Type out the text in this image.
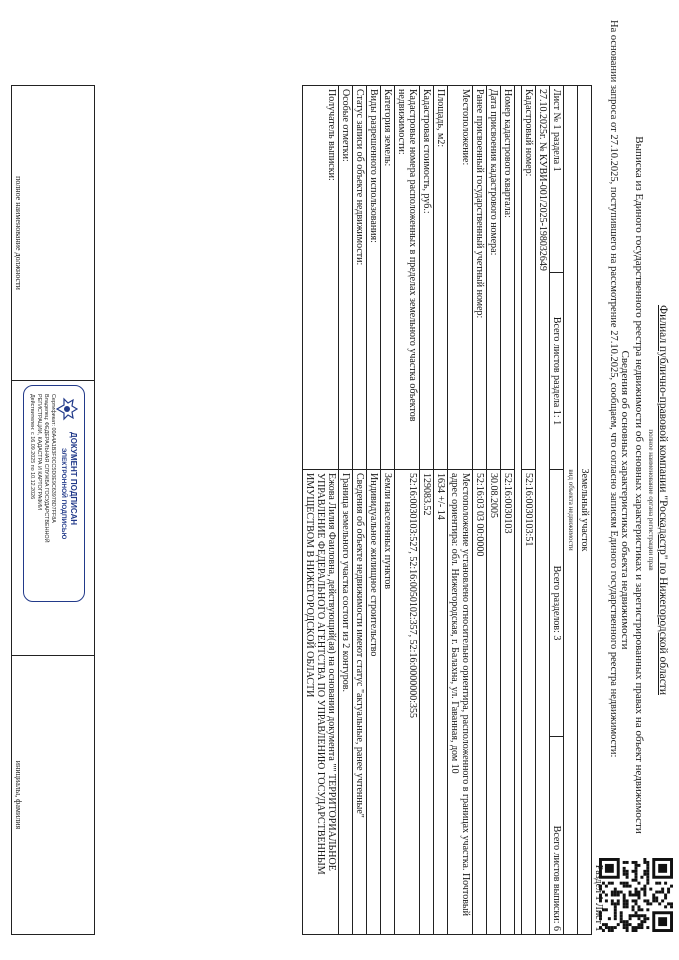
Филиал публично-правовой компании "Роскадастр" по Нижегородской области
полное наименование органа регистрации прав
Выписка из Единого государственного реестра недвижимости об основных характеристиках и зарегистрированных правах на объект недвижимости
Сведения об основных характеристиках объекта недвижимости
На основании запроса от 27.10.2025, поступившего на рассмотрение 27.10.2025, сообщаем, что согласно записям Единого государственного реестра недвижимости:
Раздел 1 Лист 1			

Земельный участок			

вид объекта недвижимости			
Лист № 1 раздела 1	Всего листов раздела 1: 1	Всего разделов: 3	Всего листов выписки: 6
27.10.2025г. № КУВИ-001/2025-198032649			
Кадастровый номер:		52:16:0030103:51	

Номер кадастрового квартала:		52:16:0030103	
Дата присвоения кадастрового номера:		30.08.2005	
Ранее присвоенный государственный учетный номер:		52:16:03 03 00:0000	
Местоположение:		Местоположение установлено относительно ориентира, расположенного в границах участка. Почтовый адрес ориентира: обл. Нижегородская, г. Балахна, ул. Гаванная, дом 10	
Площадь, м2:		1634 +/- 14	
Кадастровая стоимость, руб.:		129083.52	
Кадастровые номера расположенных в пределах земельного участка объектов недвижимости:		52:16:0030103:527, 52:16:0050102:357, 52:16:0000000:355	
Категория земель:		Земли населенных пунктов	
Виды разрешенного использования:		Индивидуальное жилищное строительство	
Статус записи об объекте недвижимости:		Сведения об объекте недвижимости имеют статус "актуальные, ранее учтенные"	
Особые отметки:		Граница земельного участка состоит из 2 контуров.	
Получатель выписки:		Ежова Лилия Фаиловна, действующий(ая) на основании документа "" ТЕРРИТОРИАЛЬНОЕ УПРАВЛЕНИЕ ФЕДЕРАЛЬНОГО АГЕНТСТВА ПО УПРАВЛЕНИЮ ГОСУДАРСТВЕННЫМ ИМУЩЕСТВОМ В НИЖЕГОРОДСКОЙ ОБЛАСТИ	
полное наименование должности		инициалы, фамилия
ДОКУМЕНТ ПОДПИСАН
ЭЛЕКТРОННОЙ ПОДПИСЬЮ
Сертификат: 00A4A1B3F0CC5D0E9C63978D7FF8A
Владелец: ФЕДЕРАЛЬНАЯ СЛУЖБА ГОСУДАРСТВЕННОЙ
РЕГИСТРАЦИИ, КАДАСТРА И КАРТОГРАФИИ
Действителен: с 16.09.2025 по 10.12.2026
